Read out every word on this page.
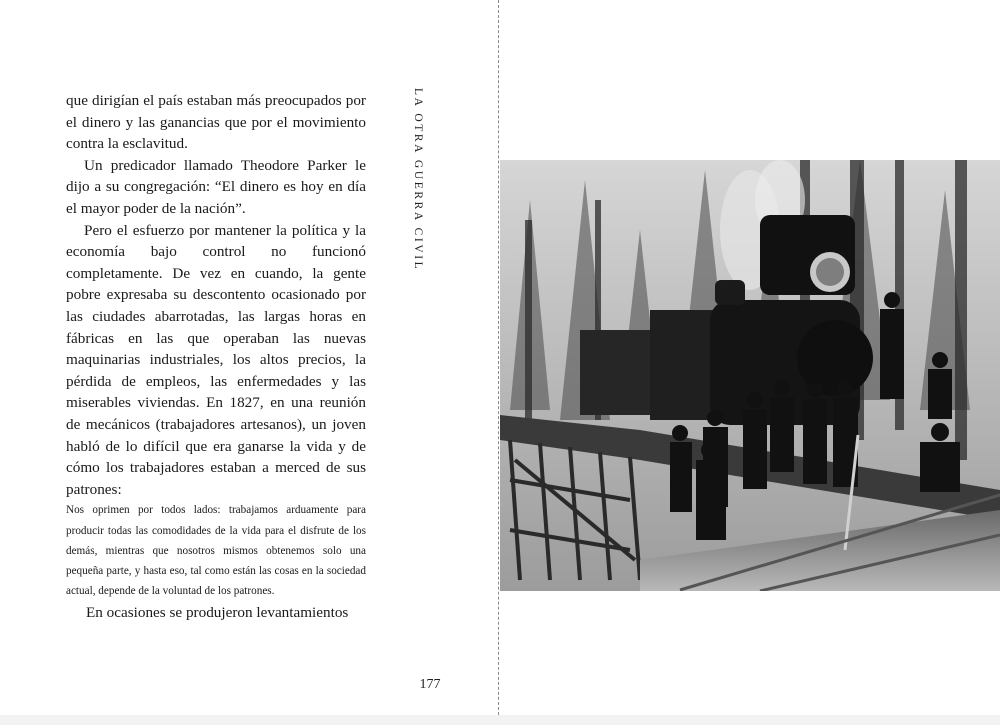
que dirigían el país estaban más preocupados por el dinero y las ganancias que por el movimiento contra la esclavitud.

Un predicador llamado Theodore Parker le dijo a su congregación: “El dinero es hoy en día el mayor poder de la nación”.

Pero el esfuerzo por mantener la política y la economía bajo control no funcionó completamente. De vez en cuando, la gente pobre expresaba su descontento ocasionado por las ciudades abarrotadas, las largas horas en fábricas en las que operaban las nuevas maquinarias industriales, los altos precios, la pérdida de empleos, las enfermedades y las miserables viviendas. En 1827, en una reunión de mecánicos (trabajadores artesanos), un joven habló de lo difícil que era ganarse la vida y de cómo los trabajadores estaban a merced de sus patrones:

Nos oprimen por todos lados: trabajamos arduamente para producir todas las comodidades de la vida para el disfrute de los demás, mientras que nosotros mismos obtenemos solo una pequeña parte, y hasta eso, tal como están las cosas en la sociedad actual, depende de la voluntad de los patrones.

En ocasiones se produjeron levantamientos

LA OTRA GUERRA CIVIL
177
